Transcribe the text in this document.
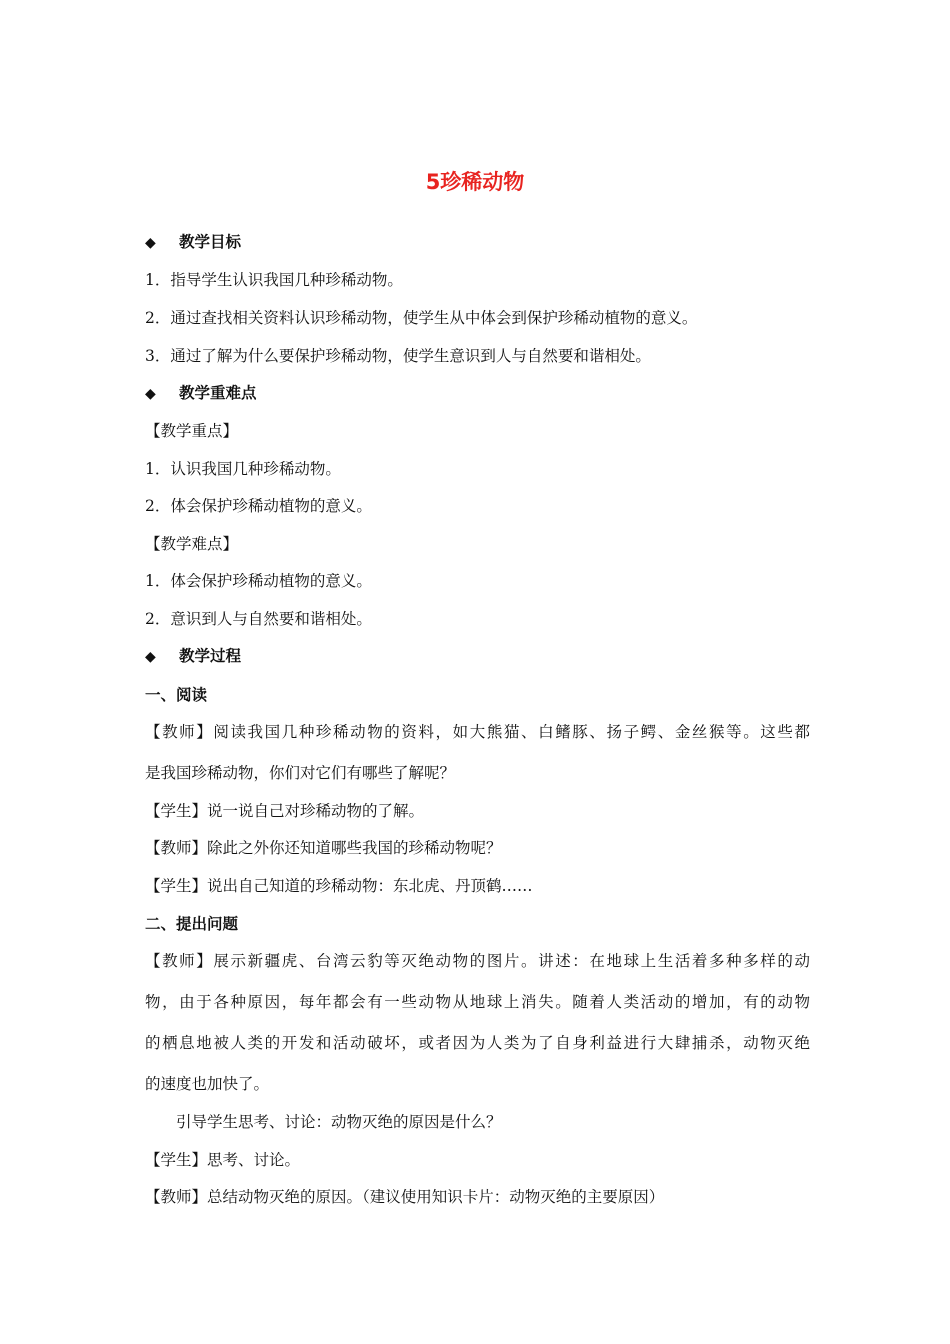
5珍稀动物
◆ 教学目标
1．指导学生认识我国几种珍稀动物。
2．通过查找相关资料认识珍稀动物，使学生从中体会到保护珍稀动植物的意义。
3．通过了解为什么要保护珍稀动物，使学生意识到人与自然要和谐相处。
◆ 教学重难点
【教学重点】
1．认识我国几种珍稀动物。
2．体会保护珍稀动植物的意义。
【教学难点】
1．体会保护珍稀动植物的意义。
2．意识到人与自然要和谐相处。
◆ 教学过程
一、阅读
【教师】阅读我国几种珍稀动物的资料，如大熊猫、白鳍豚、扬子鳄、金丝猴等。这些都
是我国珍稀动物，你们对它们有哪些了解呢？
【学生】说一说自己对珍稀动物的了解。
【教师】除此之外你还知道哪些我国的珍稀动物呢？
【学生】说出自己知道的珍稀动物：东北虎、丹顶鹤……
二、提出问题
【教师】展示新疆虎、台湾云豹等灭绝动物的图片。讲述：在地球上生活着多种多样的动
物，由于各种原因，每年都会有一些动物从地球上消失。随着人类活动的增加，有的动物
的栖息地被人类的开发和活动破坏，或者因为人类为了自身利益进行大肆捕杀，动物灭绝
的速度也加快了。
引导学生思考、讨论：动物灭绝的原因是什么？
【学生】思考、讨论。
【教师】总结动物灭绝的原因。（建议使用知识卡片：动物灭绝的主要原因）
